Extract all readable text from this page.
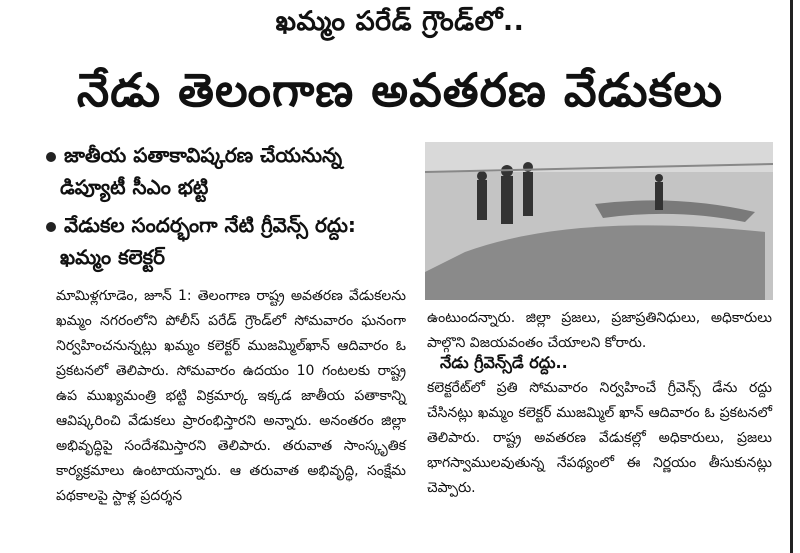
ఖమ్మం పరేడ్ గ్రౌండ్‌లో..
నేడు తెలంగాణ అవతరణ వేడుకలు
జాతీయ పతాకావిష్కరణ చేయనున్న
డిప్యూటీ సీఎం భట్టి
వేడుకల సందర్భంగా నేటి గ్రీవెన్స్ రద్దు:
ఖమ్మం కలెక్టర్
మామిళ్లగూడెం, జూన్ 1: తెలంగాణ రాష్ట్ర అవతరణ వేడుకలను ఖమ్మం నగరంలోని పోలీస్ పరేడ్ గ్రౌండ్‌లో సోమవారం ఘనంగా నిర్వహించనున్నట్లు ఖమ్మం కలెక్టర్ ముజమ్మిల్‌ఖాన్ ఆదివారం ఓ ప్రకటనలో తెలిపారు. సోమవారం ఉదయం 10 గంటలకు రాష్ట్ర ఉప ముఖ్యమంత్రి భట్టి విక్రమార్క ఇక్కడ జాతీయ పతాకాన్ని ఆవిష్కరించి వేడుకలు ప్రారంభిస్తారని అన్నారు. అనంతరం జిల్లా అభివృద్ధిపై సందేశమిస్తారని తెలిపారు. తరువాత సాంస్కృతిక కార్యక్రమాలు ఉంటాయన్నారు. ఆ తరువాత అభివృద్ధి, సంక్షేమ పథకాలపై స్టాళ్ల ప్రదర్శన
ఉంటుందన్నారు. జిల్లా ప్రజలు, ప్రజాప్రతినిధులు, అధికారులు పాల్గొని విజయవంతం చేయాలని కోరారు.
నేడు గ్రీవెన్స్‌డే రద్దు..
కలెక్టరేట్‌లో ప్రతి సోమవారం నిర్వహించే గ్రీవెన్స్ డేను రద్దు చేసినట్లు ఖమ్మం కలెక్టర్ ముజమ్మిల్ ఖాన్ ఆదివారం ఓ ప్రకటనలో తెలిపారు. రాష్ట్ర అవతరణ వేడుకల్లో అధికారులు, ప్రజలు భాగస్వాములవుతున్న నేపథ్యంలో ఈ నిర్ణయం తీసుకునట్లు చెప్పారు.
